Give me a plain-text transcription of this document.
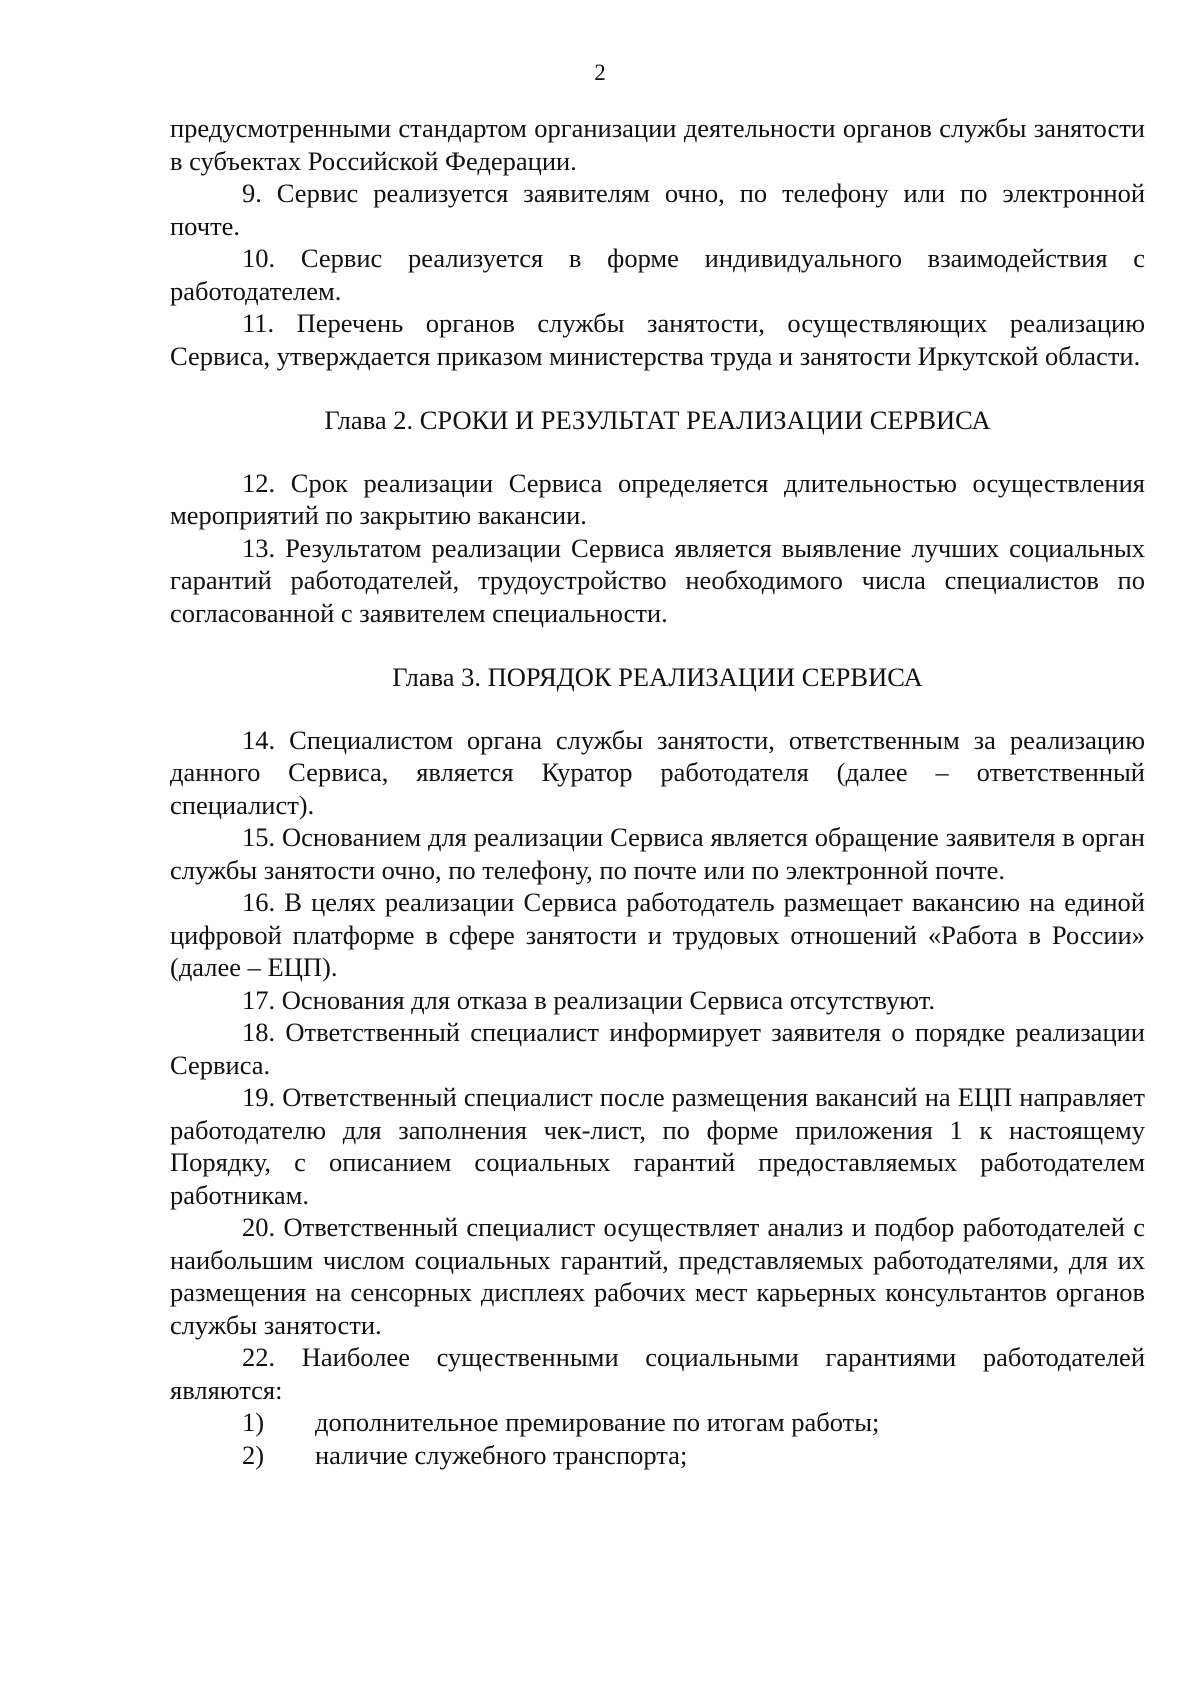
2

предусмотренными стандартом организации деятельности органов службы занятости в субъектах Российской Федерации.

9. Сервис реализуется заявителям очно, по телефону или по электронной почте.

10. Сервис реализуется в форме индивидуального взаимодействия с работодателем.

11. Перечень органов службы занятости, осуществляющих реализацию Сервиса, утверждается приказом министерства труда и занятости Иркутской области.

Глава 2. СРОКИ И РЕЗУЛЬТАТ РЕАЛИЗАЦИИ СЕРВИСА

12. Срок реализации Сервиса определяется длительностью осуществления мероприятий по закрытию вакансии.

13. Результатом реализации Сервиса является выявление лучших социальных гарантий работодателей, трудоустройство необходимого числа специалистов по согласованной с заявителем специальности.

Глава 3. ПОРЯДОК РЕАЛИЗАЦИИ СЕРВИСА

14. Специалистом органа службы занятости, ответственным за реализацию данного Сервиса, является Куратор работодателя (далее – ответственный специалист).

15. Основанием для реализации Сервиса является обращение заявителя в орган службы занятости очно, по телефону, по почте или по электронной почте.

16. В целях реализации Сервиса работодатель размещает вакансию на единой цифровой платформе в сфере занятости и трудовых отношений «Работа в России» (далее – ЕЦП).

17. Основания для отказа в реализации Сервиса отсутствуют.

18. Ответственный специалист информирует заявителя о порядке реализации Сервиса.

19. Ответственный специалист после размещения вакансий на ЕЦП направляет работодателю для заполнения чек-лист, по форме приложения 1 к настоящему Порядку, с описанием социальных гарантий предоставляемых работодателем работникам.

20. Ответственный специалист осуществляет анализ и подбор работодателей с наибольшим числом социальных гарантий, представляемых работодателями, для их размещения на сенсорных дисплеях рабочих мест карьерных консультантов органов службы занятости.

22. Наиболее существенными социальными гарантиями работодателей являются:

1)	дополнительное премирование по итогам работы;
2)	наличие служебного транспорта;
